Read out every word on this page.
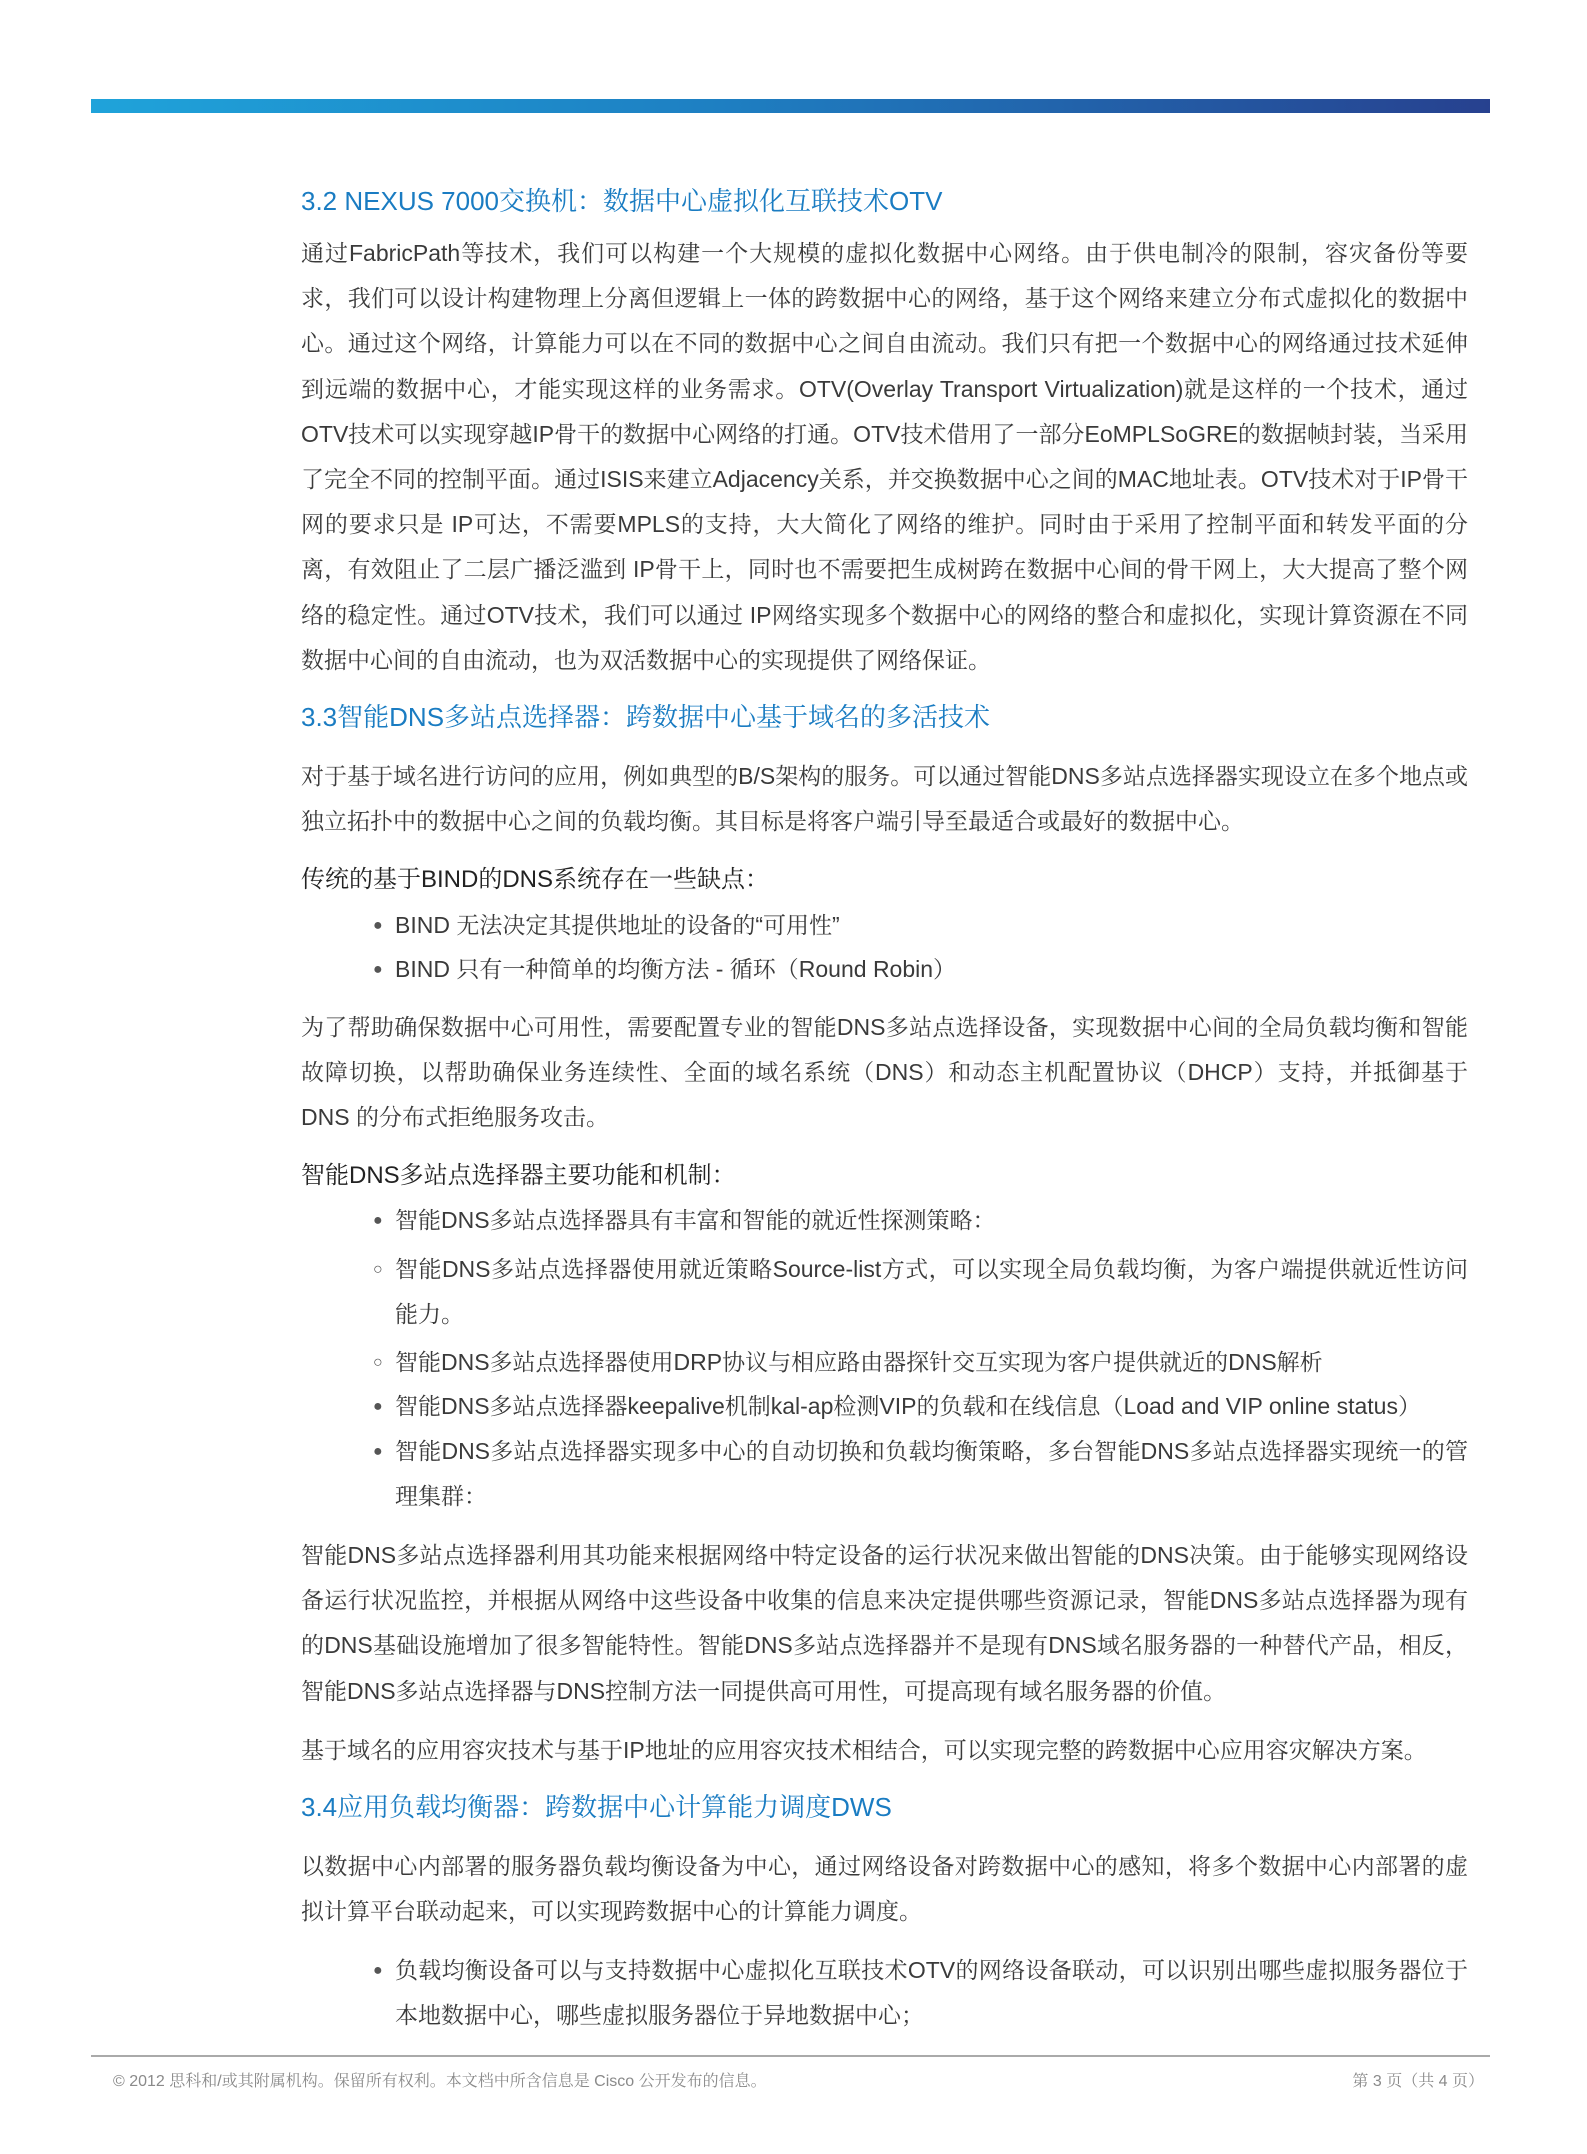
3.2 NEXUS 7000交换机：数据中心虚拟化互联技术OTV
通过FabricPath等技术，我们可以构建一个大规模的虚拟化数据中心网络。由于供电制冷的限制，容灾备份等要求，我们可以设计构建物理上分离但逻辑上一体的跨数据中心的网络，基于这个网络来建立分布式虚拟化的数据中心。通过这个网络，计算能力可以在不同的数据中心之间自由流动。我们只有把一个数据中心的网络通过技术延伸到远端的数据中心，才能实现这样的业务需求。OTV(Overlay Transport Virtualization)就是这样的一个技术，通过OTV技术可以实现穿越IP骨干的数据中心网络的打通。OTV技术借用了一部分EoMPLSoGRE的数据帧封装，当采用了完全不同的控制平面。通过ISIS来建立Adjacency关系，并交换数据中心之间的MAC地址表。OTV技术对于IP骨干网的要求只是 IP可达，不需要MPLS的支持，大大简化了网络的维护。同时由于采用了控制平面和转发平面的分离，有效阻止了二层广播泛滥到 IP骨干上，同时也不需要把生成树跨在数据中心间的骨干网上，大大提高了整个网络的稳定性。通过OTV技术，我们可以通过 IP网络实现多个数据中心的网络的整合和虚拟化，实现计算资源在不同数据中心间的自由流动，也为双活数据中心的实现提供了网络保证。
3.3智能DNS多站点选择器：跨数据中心基于域名的多活技术
对于基于域名进行访问的应用，例如典型的B/S架构的服务。可以通过智能DNS多站点选择器实现设立在多个地点或独立拓扑中的数据中心之间的负载均衡。其目标是将客户端引导至最适合或最好的数据中心。
传统的基于BIND的DNS系统存在一些缺点：
● BIND 无法决定其提供地址的设备的“可用性”
● BIND 只有一种简单的均衡方法 - 循环（Round Robin）
为了帮助确保数据中心可用性，需要配置专业的智能DNS多站点选择设备，实现数据中心间的全局负载均衡和智能故障切换，以帮助确保业务连续性、全面的域名系统（DNS）和动态主机配置协议（DHCP）支持，并抵御基于 DNS 的分布式拒绝服务攻击。
智能DNS多站点选择器主要功能和机制：
● 智能DNS多站点选择器具有丰富和智能的就近性探测策略：
○ 智能DNS多站点选择器使用就近策略Source-list方式，可以实现全局负载均衡，为客户端提供就近性访问能力。
○ 智能DNS多站点选择器使用DRP协议与相应路由器探针交互实现为客户提供就近的DNS解析
● 智能DNS多站点选择器keepalive机制kal-ap检测VIP的负载和在线信息（Load and VIP online status）
● 智能DNS多站点选择器实现多中心的自动切换和负载均衡策略，多台智能DNS多站点选择器实现统一的管理集群：
智能DNS多站点选择器利用其功能来根据网络中特定设备的运行状况来做出智能的DNS决策。由于能够实现网络设备运行状况监控，并根据从网络中这些设备中收集的信息来决定提供哪些资源记录，智能DNS多站点选择器为现有的DNS基础设施增加了很多智能特性。智能DNS多站点选择器并不是现有DNS域名服务器的一种替代产品，相反，智能DNS多站点选择器与DNS控制方法一同提供高可用性，可提高现有域名服务器的价值。
基于域名的应用容灾技术与基于IP地址的应用容灾技术相结合，可以实现完整的跨数据中心应用容灾解决方案。
3.4应用负载均衡器：跨数据中心计算能力调度DWS
以数据中心内部署的服务器负载均衡设备为中心，通过网络设备对跨数据中心的感知，将多个数据中心内部署的虚拟计算平台联动起来，可以实现跨数据中心的计算能力调度。
● 负载均衡设备可以与支持数据中心虚拟化互联技术OTV的网络设备联动，可以识别出哪些虚拟服务器位于本地数据中心，哪些虚拟服务器位于异地数据中心；
© 2012 思科和/或其附属机构。保留所有权利。本文档中所含信息是 Cisco 公开发布的信息。	第 3 页（共 4 页）
